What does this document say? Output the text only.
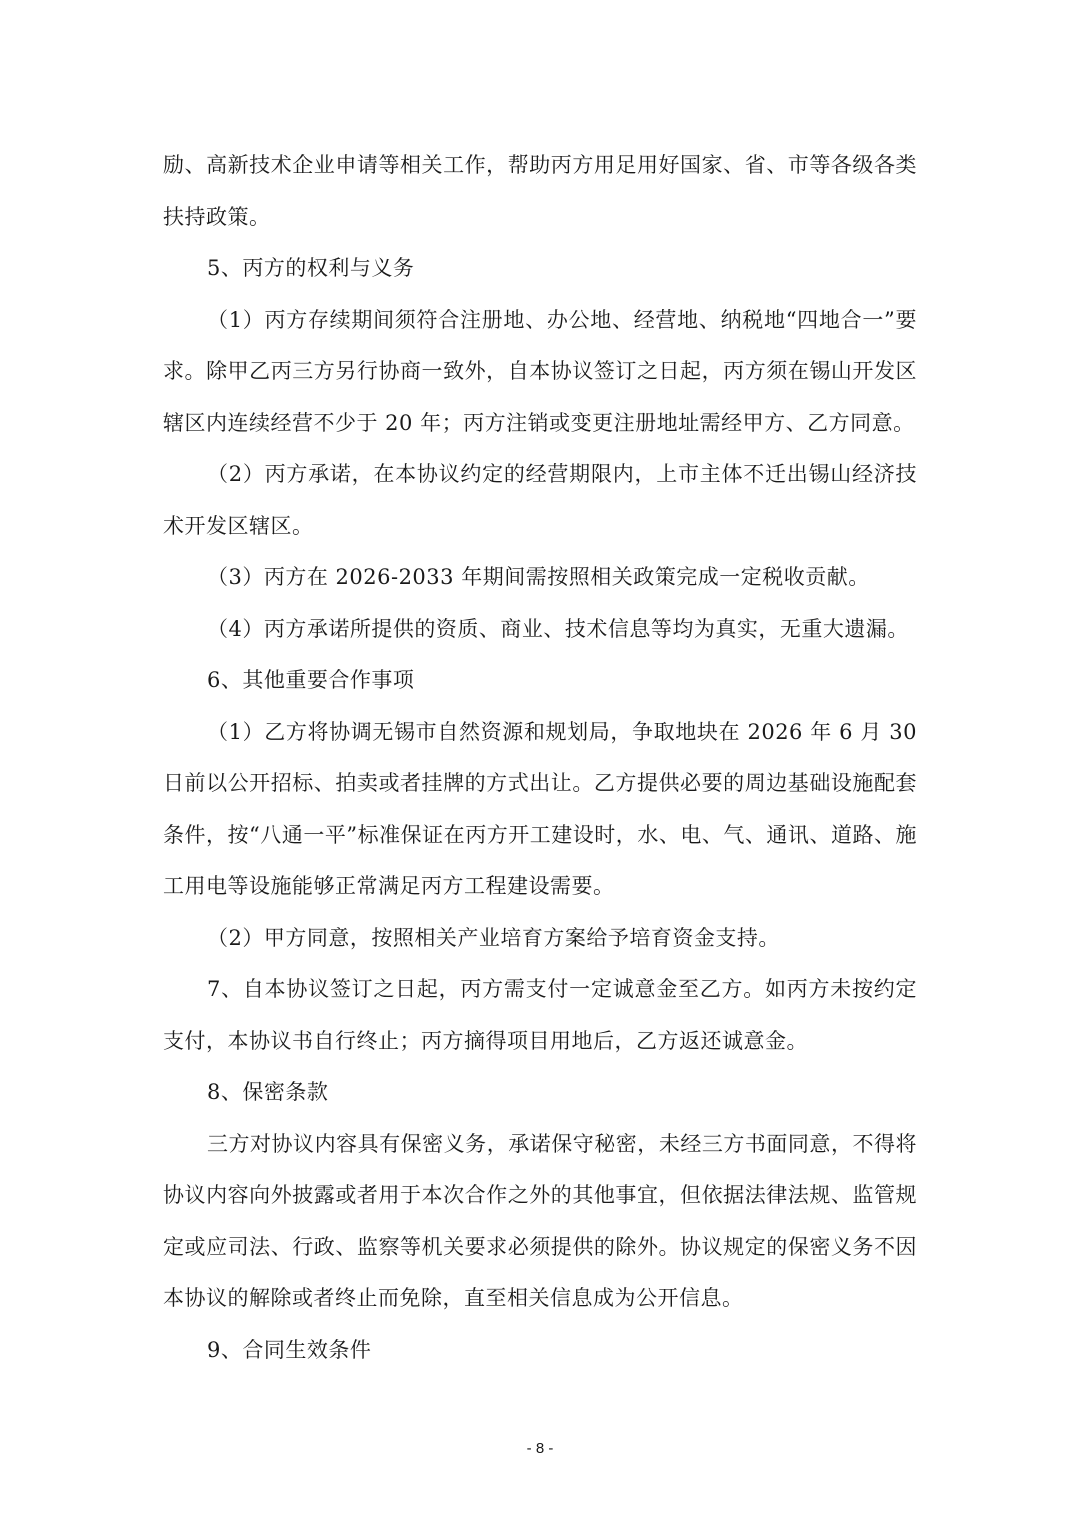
励、高新技术企业申请等相关工作，帮助丙方用足用好国家、省、市等各级各类扶持政策。

5、丙方的权利与义务

（1）丙方存续期间须符合注册地、办公地、经营地、纳税地“四地合一”要求。除甲乙丙三方另行协商一致外，自本协议签订之日起，丙方须在锡山开发区辖区内连续经营不少于 20 年；丙方注销或变更注册地址需经甲方、乙方同意。

（2）丙方承诺，在本协议约定的经营期限内，上市主体不迁出锡山经济技术开发区辖区。

（3）丙方在 2026-2033 年期间需按照相关政策完成一定税收贡献。

（4）丙方承诺所提供的资质、商业、技术信息等均为真实，无重大遗漏。

6、其他重要合作事项

（1）乙方将协调无锡市自然资源和规划局，争取地块在 2026 年 6 月 30 日前以公开招标、拍卖或者挂牌的方式出让。乙方提供必要的周边基础设施配套条件，按“八通一平”标准保证在丙方开工建设时，水、电、气、通讯、道路、施工用电等设施能够正常满足丙方工程建设需要。

（2）甲方同意，按照相关产业培育方案给予培育资金支持。

7、自本协议签订之日起，丙方需支付一定诚意金至乙方。如丙方未按约定支付，本协议书自行终止；丙方摘得项目用地后，乙方返还诚意金。

8、保密条款

三方对协议内容具有保密义务，承诺保守秘密，未经三方书面同意，不得将协议内容向外披露或者用于本次合作之外的其他事宜，但依据法律法规、监管规定或应司法、行政、监察等机关要求必须提供的除外。协议规定的保密义务不因本协议的解除或者终止而免除，直至相关信息成为公开信息。

9、合同生效条件

- 8 -
